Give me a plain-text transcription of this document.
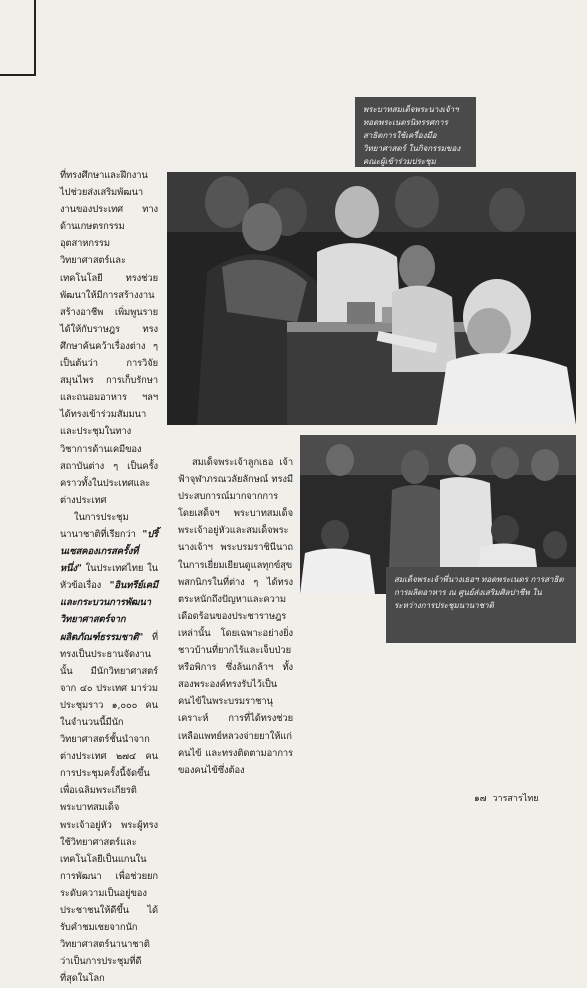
พระบาทสมเด็จพระนางเจ้าฯ ทอดพระเนตรนิทรรศการ สาธิตการใช้เครื่องมือวิทยาศาสตร์ ในกิจกรรมของคณะผู้เข้าร่วมประชุม
สมเด็จพระเจ้าพี่นางเธอฯ ทอดพระเนตร การสาธิตการผลิตอาหาร ณ ศูนย์ส่งเสริมศิลปาชีพ ในระหว่างการประชุมนานาชาติ

ที่ทรงศึกษาและฝึกงานไปช่วยส่งเสริมพัฒนางานของประเทศ ทางด้านเกษตรกรรม อุตสาหกรรม วิทยาศาสตร์และเทคโนโลยี ทรงช่วยพัฒนาให้มีการสร้างงาน สร้างอาชีพ เพิ่มพูนรายได้ให้กับราษฎร ทรงศึกษาค้นคว้าเรื่องต่าง ๆ เป็นต้นว่า การวิจัยสมุนไพร การเก็บรักษาและถนอมอาหาร ฯลฯ ได้ทรงเข้าร่วมสัมมนาและประชุมในทางวิชาการด้านเคมีของสถาบันต่าง ๆ เป็นครั้งคราวทั้งในประเทศและต่างประเทศ

ในการประชุมนานาชาติที่เรียกว่า "ปริ้นเซสคองเกรสครั้งที่หนึ่ง" ในประเทศไทย ในหัวข้อเรื่อง "อินทรีย์เคมีและกระบวนการพัฒนาวิทยาศาสตร์จากผลิตภัณฑ์ธรรมชาติ" ที่ทรงเป็นประธานจัดงานนั้น มีนักวิทยาศาสตร์จาก ๔๐ ประเทศ มาร่วมประชุมราว ๑,๐๐๐ คน ในจำนวนนี้มีนักวิทยาศาสตร์ชั้นนำจากต่างประเทศ ๒๗๔ คน การประชุมครั้งนี้จัดขึ้นเพื่อเฉลิมพระเกียรติพระบาทสมเด็จพระเจ้าอยู่หัว พระผู้ทรงใช้วิทยาศาสตร์และเทคโนโลยีเป็นแกนในการพัฒนา เพื่อช่วยยกระดับความเป็นอยู่ของประชาชนให้ดีขึ้น ได้รับคำชมเชยจากนักวิทยาศาสตร์นานาชาติว่าเป็นการประชุมที่ดีที่สุดในโลก

สมเด็จพระเจ้าลูกเธอ เจ้าฟ้าจุฬาภรณวลัยลักษณ์ ทรงมีประสบการณ์มากจากการโดยเสด็จฯ พระบาทสมเด็จพระเจ้าอยู่หัวและสมเด็จพระนางเจ้าฯ พระบรมราชินีนาถ ในการเยี่ยมเยียนดูแลทุกข์สุขพสกนิกรในที่ต่าง ๆ ได้ทรงตระหนักถึงปัญหาและความเดือดร้อนของประชาราษฎรเหล่านั้น โดยเฉพาะอย่างยิ่งชาวบ้านที่ยากไร้และเจ็บป่วยหรือพิการ ซึ่งล้นเกล้าฯ ทั้งสองพระองค์ทรงรับไว้เป็นคนไข้ในพระบรมราชานุเคราะห์ การที่ได้ทรงช่วยเหลือแพทย์หลวงจ่ายยาให้แก่คนไข้ และทรงติดตามอาการของคนไข้ซึ่งต้อง

๑๗ วารสารไทย
